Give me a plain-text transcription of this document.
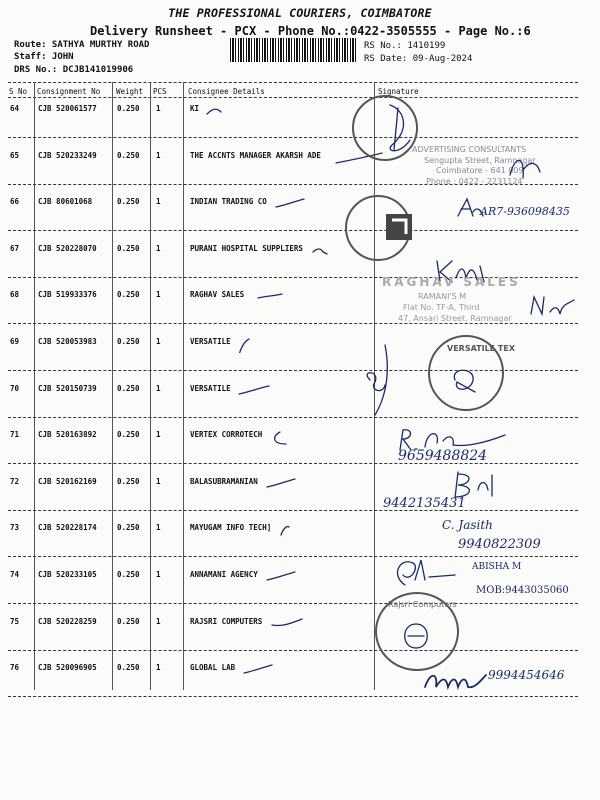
THE PROFESSIONAL COURIERS, COIMBATORE
Delivery Runsheet - PCX - Phone No.:0422-3505555 - Page No.:6
Route: SATHYA MURTHY ROAD
Staff: JOHN
DRS No.: DCJB141019906
RS No.: 1410199
RS Date: 09-Aug-2024
S No Consignment No Weight PCS	Consignee Details	Signature
64	CJB 520061577	0.250 1	KI
65	CJB 520233249	0.250 1	THE ACCNTS MANAGER AKARSH ADE
66	CJB 80601068	0.250 1	INDIAN TRADING CO
67	CJB 520228070	0.250 1	PURANI HOSPITAL SUPPLIERS
68	CJB 519933376	0.250 1	RAGHAV SALES
69	CJB 520053983	0.250 1	VERSATILE
70	CJB 520150739	0.250 1	VERSATILE
71	CJB 520163892	0.250 1	VERTEX CORROTECH
72	CJB 520162169	0.250 1	BALASUBRAMANIAN
73	CJB 520228174	0.250 1	MAYUGAM INFO TECH]
74	CJB 520233105	0.250 1	ANNAMANI AGENCY
75	CJB 520228259	0.250 1	RAJSRI COMPUTERS
76	CJB 520096905	0.250 1	GLOBAL LAB
ADVERTISING CONSULTANTS
Sengupta Street, Ramnagar
Coimbatore - 641 009
Phone : 0422 - 2231124
AR7-936098435
RAGHAV SALES
RAMANI'S M
Flat No. TF-A, Third
47, Ansari Street, Ramnagar
VERSATILE TEX
9659488824
9442135431
C. Jasith
9940822309
ABISHA M
MOB:9443035060
Rajsri Computers
9994454646
